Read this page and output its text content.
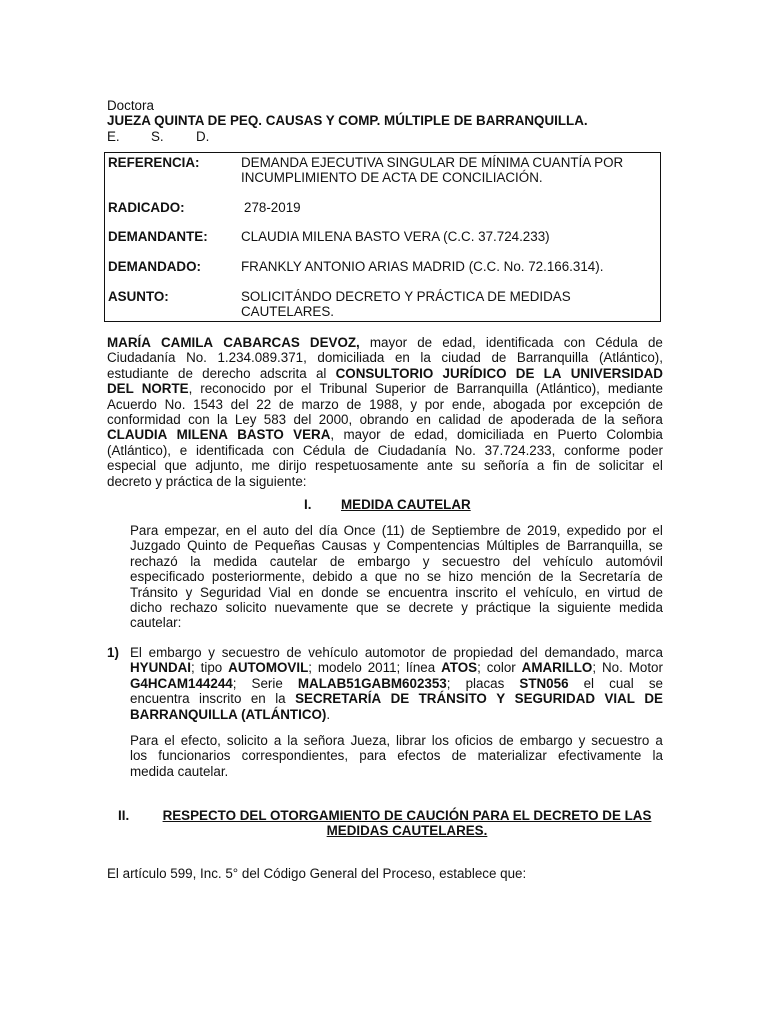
Doctora
JUEZA QUINTA DE PEQ. CAUSAS Y COMP. MÚLTIPLE DE BARRANQUILLA.
E. S. D.
REFERENCIA:	DEMANDA EJECUTIVA SINGULAR DE MÍNIMA CUANTÍA POR
INCUMPLIMIENTO DE ACTA DE CONCILIACIÓN.
RADICADO:	278-2019
DEMANDANTE: CLAUDIA MILENA BASTO VERA (C.C. 37.724.233)
DEMANDADO:	FRANKLY ANTONIO ARIAS MADRID (C.C. No. 72.166.314).
ASUNTO:	SOLICITÁNDO DECRETO Y PRÁCTICA DE MEDIDAS
CAUTELARES.
MARÍA CAMILA CABARCAS DEVOZ, mayor de edad, identificada con Cédula de
Ciudadanía No. 1.234.089.371, domiciliada en la ciudad de Barranquilla (Atlántico),
estudiante de derecho adscrita al CONSULTORIO JURÍDICO DE LA UNIVERSIDAD
DEL NORTE, reconocido por el Tribunal Superior de Barranquilla (Atlántico), mediante
Acuerdo No. 1543 del 22 de marzo de 1988, y por ende, abogada por excepción de
conformidad con la Ley 583 del 2000, obrando en calidad de apoderada de la señora
CLAUDIA MILENA BASTO VERA, mayor de edad, domiciliada en Puerto Colombia
(Atlántico), e identificada con Cédula de Ciudadanía No. 37.724.233, conforme poder
especial que adjunto, me dirijo respetuosamente ante su señoría a fin de solicitar el
decreto y práctica de la siguiente:
I. MEDIDA CAUTELAR
Para empezar, en el auto del día Once (11) de Septiembre de 2019, expedido por el
Juzgado Quinto de Pequeñas Causas y Compentencias Múltiples de Barranquilla, se
rechazó la medida cautelar de embargo y secuestro del vehículo automóvil
especificado posteriormente, debido a que no se hizo mención de la Secretaría de
Tránsito y Seguridad Vial en donde se encuentra inscrito el vehículo, en virtud de
dicho rechazo solicito nuevamente que se decrete y práctique la siguiente medida
cautelar:
1) El embargo y secuestro de vehículo automotor de propiedad del demandado, marca
HYUNDAI; tipo AUTOMOVIL; modelo 2011; línea ATOS; color AMARILLO; No. Motor
G4HCAM144244; Serie MALAB51GABM602353; placas STN056 el cual se
encuentra inscrito en la SECRETARÍA DE TRÁNSITO Y SEGURIDAD VIAL DE
BARRANQUILLA (ATLÁNTICO).
Para el efecto, solicito a la señora Jueza, librar los oficios de embargo y secuestro a
los funcionarios correspondientes, para efectos de materializar efectivamente la
medida cautelar.
II.	RESPECTO DEL OTORGAMIENTO DE CAUCIÓN PARA EL DECRETO DE LAS
MEDIDAS CAUTELARES.
El artículo 599, Inc. 5° del Código General del Proceso, establece que:
